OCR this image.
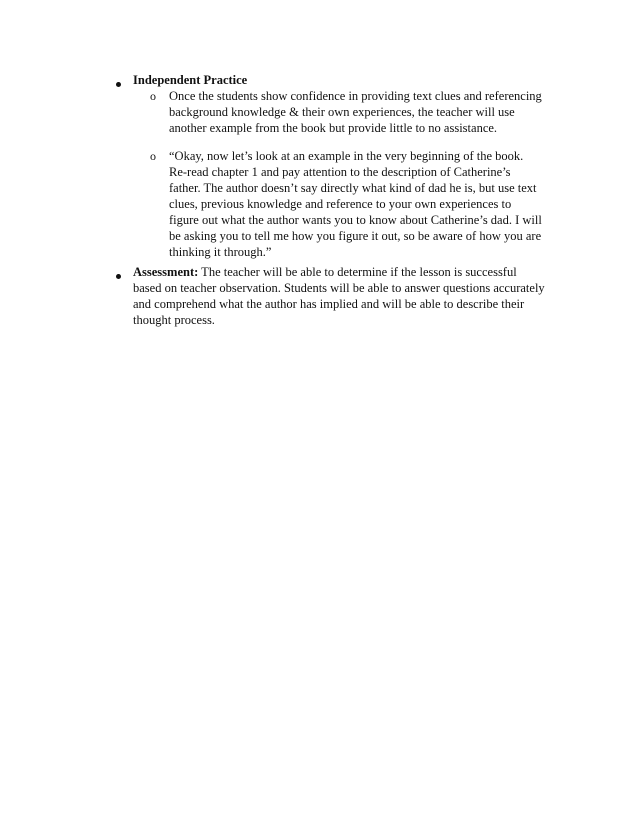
Independent Practice
o Once the students show confidence in providing text clues and referencing
background knowledge & their own experiences, the teacher will use
another example from the book but provide little to no assistance.
o “Okay, now let’s look at an example in the very beginning of the book.
Re-read chapter 1 and pay attention to the description of Catherine’s
father. The author doesn’t say directly what kind of dad he is, but use text
clues, previous knowledge and reference to your own experiences to
figure out what the author wants you to know about Catherine’s dad. I will
be asking you to tell me how you figure it out, so be aware of how you are
thinking it through.”
Assessment: The teacher will be able to determine if the lesson is successful
based on teacher observation. Students will be able to answer questions accurately
and comprehend what the author has implied and will be able to describe their
thought process.
